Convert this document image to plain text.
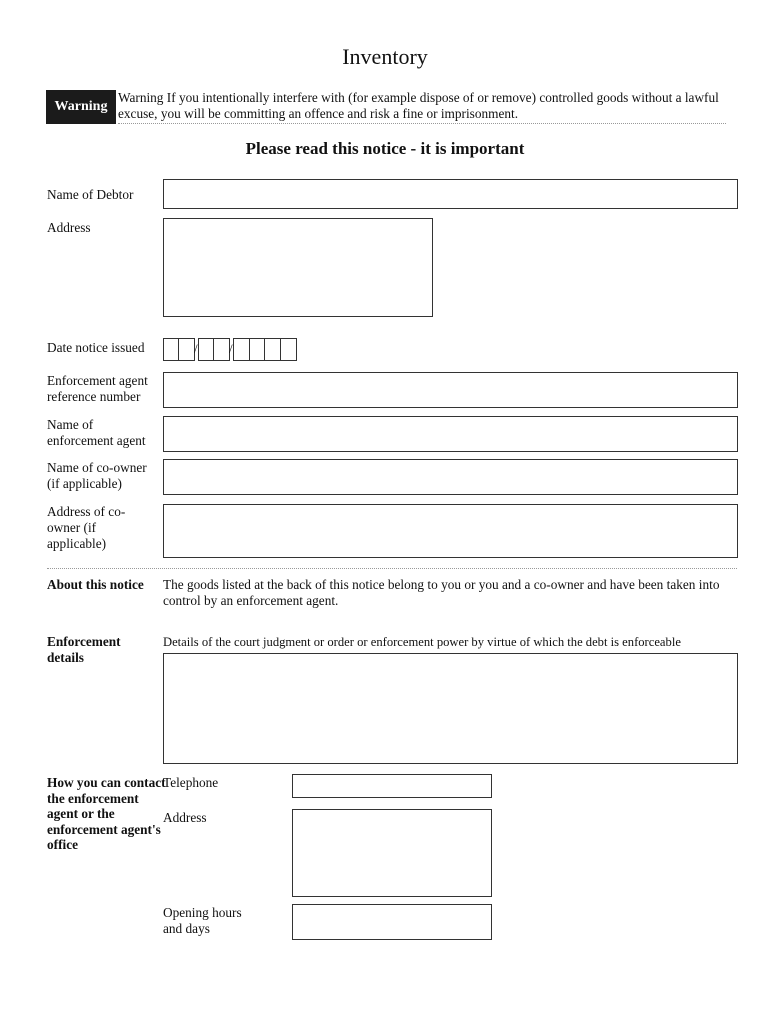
Inventory
Warning
Warning If you intentionally interfere with (for example dispose of or remove) controlled goods without a lawful excuse, you will be committing an offence and risk a fine or imprisonment.
Please read this notice - it is important
Name of Debtor
Address
Date notice issued	/ /
Enforcement agent reference number
Name of enforcement agent
Name of co-owner (if applicable)
Address of co-owner (if applicable)
About this notice The goods listed at the back of this notice belong to you or you and a co-owner and have been taken into control by an enforcement agent.
Enforcement details
Details of the court judgment or order or enforcement power by virtue of which the debt is enforceable
How you can contact the enforcement agent or the enforcement agent's office
Telephone
Address
Opening hours and days
